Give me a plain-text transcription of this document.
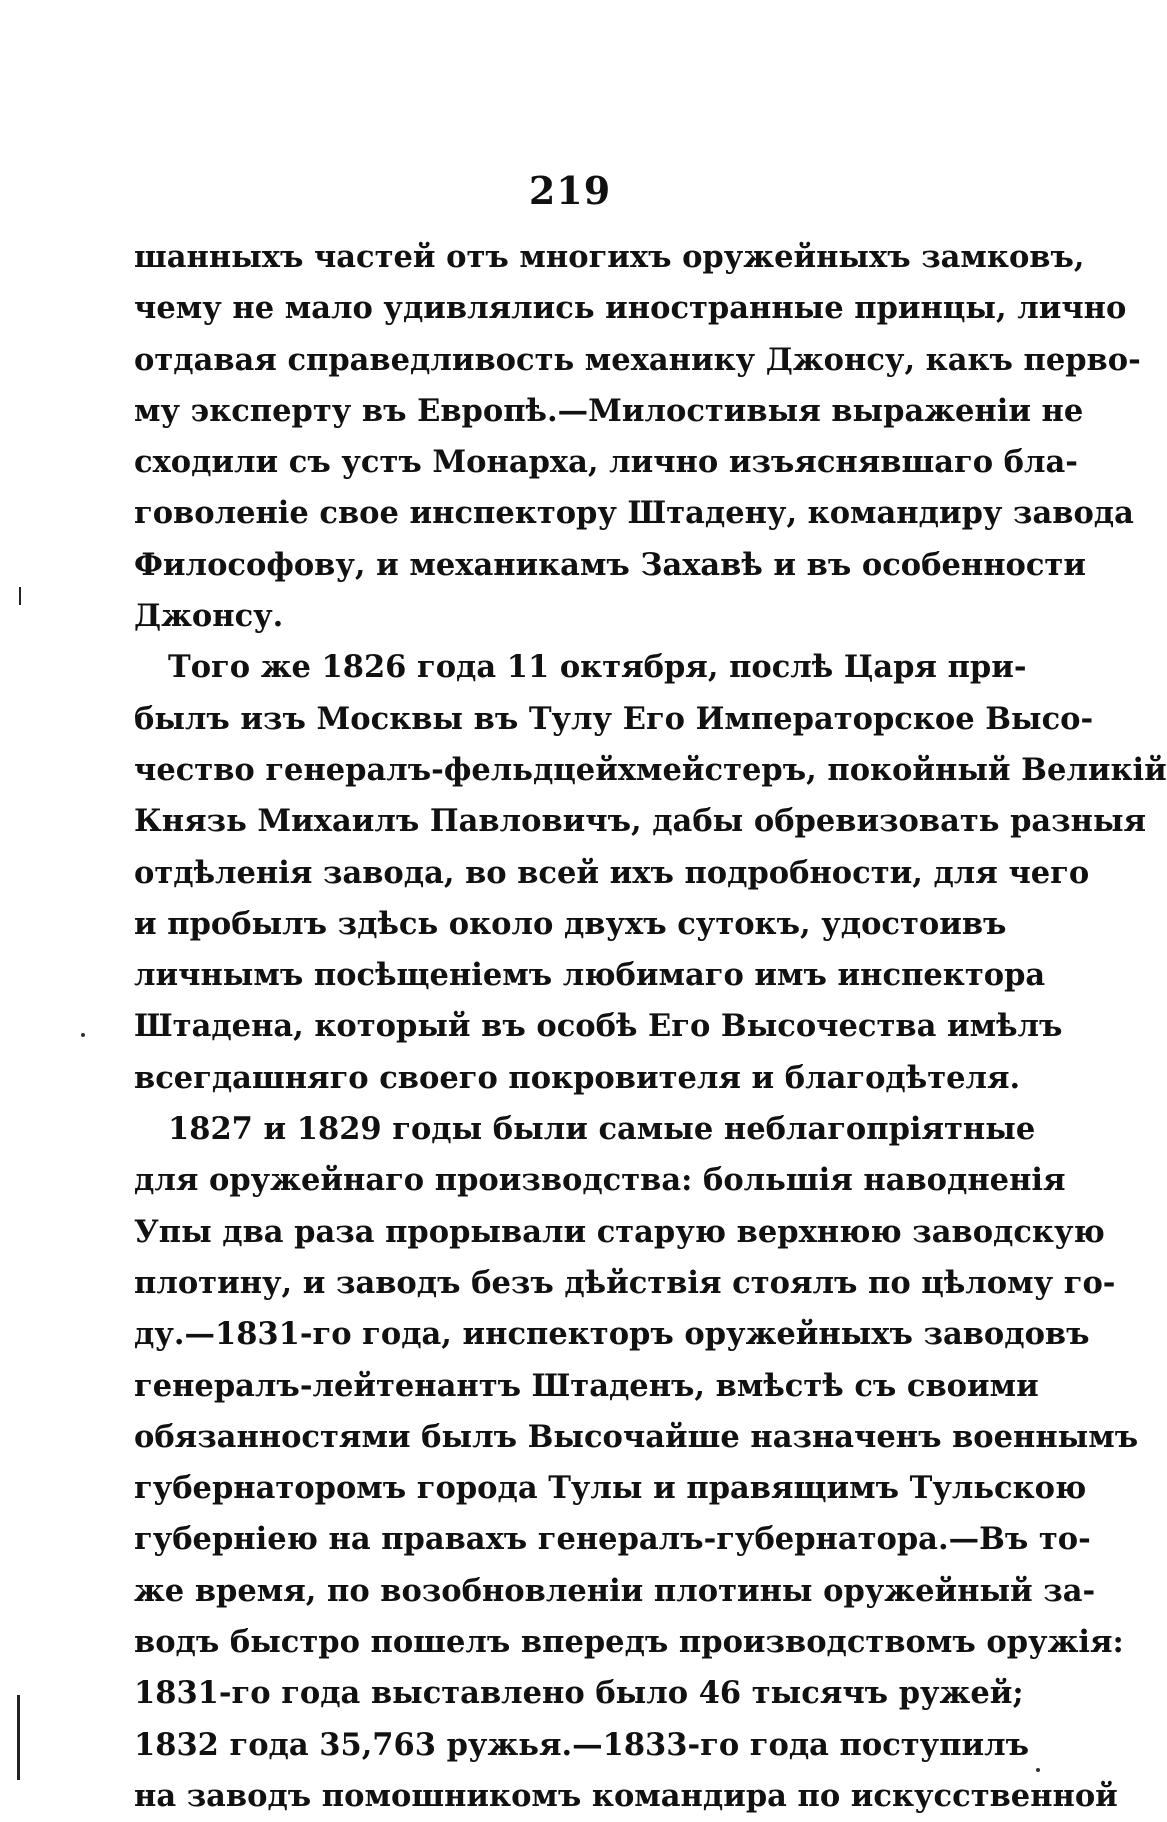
219
шанныхъ частей отъ многихъ оружейныхъ замковъ,
чему не мало удивлялись иностранные принцы, лично
отдавая справедливость механику Джонсу, какъ перво-
му эксперту въ Европѣ.—Милостивыя выраженіи не
сходили съ устъ Монарха, лично изъяснявшаго бла-
говоленіе свое инспектору Штадену, командиру завода
Философову, и механикамъ Захавѣ и въ особенности
Джонсу.
Того же 1826 года 11 октября, послѣ Царя при-
былъ изъ Москвы въ Тулу Его Императорское Высо-
чество генералъ-фельдцейхмейстеръ, покойный Великій
Князь Михаилъ Павловичъ, дабы обревизовать разныя
отдѣленія завода, во всей ихъ подробности, для чего
и пробылъ здѣсь около двухъ сутокъ, удостоивъ
личнымъ посѣщеніемъ любимаго имъ инспектора
Штадена, который въ особѣ Его Высочества имѣлъ
всегдашняго своего покровителя и благодѣтеля.
1827 и 1829 годы были самые неблагопріятные
для оружейнаго производства: большія наводненія
Упы два раза прорывали старую верхнюю заводскую
плотину, и заводъ безъ дѣйствія стоялъ по цѣлому го-
ду.—1831-го года, инспекторъ оружейныхъ заводовъ
генералъ-лейтенантъ Штаденъ, вмѣстѣ съ своими
обязанностями былъ Высочайше назначенъ военнымъ
губернаторомъ города Тулы и правящимъ Тульскою
губерніею на правахъ генералъ-губернатора.—Въ то-
же время, по возобновленіи плотины оружейный за-
водъ быстро пошелъ впередъ производствомъ оружія:
1831-го года выставлено было 46 тысячъ ружей;
1832 года 35,763 ружья.—1833-го года поступилъ
на заводъ помошникомъ командира по искусственной
